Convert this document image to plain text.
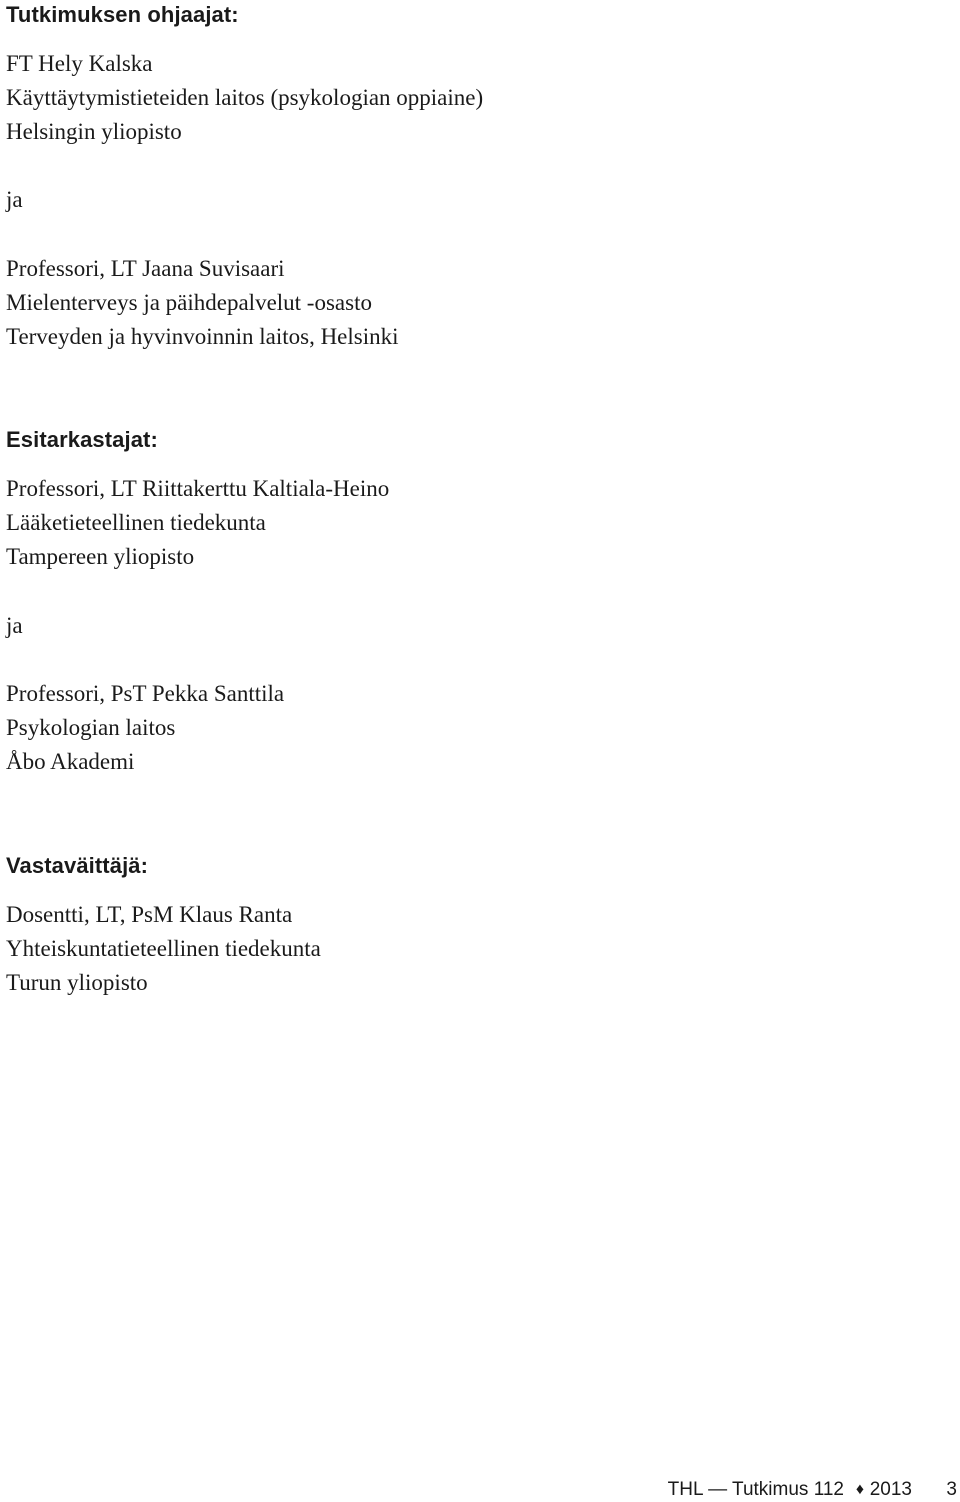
Tutkimuksen ohjaajat:
FT Hely Kalska
Käyttäytymistieteiden laitos (psykologian oppiaine)
Helsingin yliopisto
ja
Professori, LT Jaana Suvisaari
Mielenterveys ja päihdepalvelut -osasto
Terveyden ja hyvinvoinnin laitos, Helsinki
Esitarkastajat:
Professori, LT Riittakerttu Kaltiala-Heino
Lääketieteellinen tiedekunta
Tampereen yliopisto
ja
Professori, PsT Pekka Santtila
Psykologian laitos
Åbo Akademi
Vastaväittäjä:
Dosentti, LT, PsM Klaus Ranta
Yhteiskuntatieteellinen tiedekunta
Turun yliopisto
THL — Tutkimus 112 ♦ 2013 3
